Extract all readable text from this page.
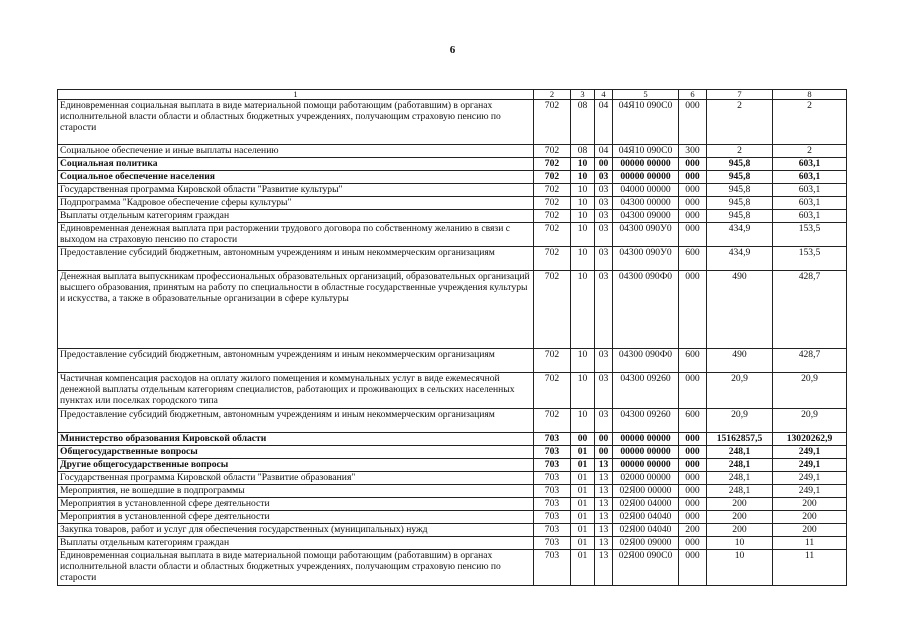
6
1	2	3	4	5	6	7	8
Единовременная социальная выплата в виде материальной помощи работающим (работавшим) в органах исполнительной власти области и областных бюджетных учреждениях, получающим страховую пенсию по старости	702	08	04	04Я10 090С0	000	2	2
Социальное обеспечение и иные выплаты населению	702	08	04	04Я10 090С0	300	2	2
Социальная политика	702	10	00	00000 00000	000	945,8	603,1
Социальное обеспечение населения	702	10	03	00000 00000	000	945,8	603,1
Государственная программа Кировской области "Развитие культуры"	702	10	03	04000 00000	000	945,8	603,1
Подпрограмма "Кадровое обеспечение сферы культуры"	702	10	03	04300 00000	000	945,8	603,1
Выплаты отдельным категориям граждан	702	10	03	04300 09000	000	945,8	603,1
Единовременная денежная выплата при расторжении трудового договора по собственному желанию в связи с выходом на страховую пенсию по старости	702	10	03	04300 090У0	000	434,9	153,5
Предоставление субсидий бюджетным, автономным учреждениям и иным некоммерческим организациям	702	10	03	04300 090У0	600	434,9	153,5
Денежная выплата выпускникам профессиональных образовательных организаций, образовательных организаций высшего образования, принятым на работу по специальности в областные государственные учреждения культуры и искусства, а также в образовательные организации в сфере культуры	702	10	03	04300 090Ф0	000	490	428,7
Предоставление субсидий бюджетным, автономным учреждениям и иным некоммерческим организациям	702	10	03	04300 090Ф0	600	490	428,7
Частичная компенсация расходов на оплату жилого помещения и коммунальных услуг в виде ежемесячной денежной выплаты отдельным категориям специалистов, работающих и проживающих в сельских населенных пунктах или поселках городского типа	702	10	03	04300 09260	000	20,9	20,9
Предоставление субсидий бюджетным, автономным учреждениям и иным некоммерческим организациям	702	10	03	04300 09260	600	20,9	20,9
Министерство образования Кировской области	703	00	00	00000 00000	000	15162857,5	13020262,9
Общегосударственные вопросы	703	01	00	00000 00000	000	248,1	249,1
Другие общегосударственные вопросы	703	01	13	00000 00000	000	248,1	249,1
Государственная программа Кировской области "Развитие образования"	703	01	13	02000 00000	000	248,1	249,1
Мероприятия, не вошедшие в подпрограммы	703	01	13	02Я00 00000	000	248,1	249,1
Мероприятия в установленной сфере деятельности	703	01	13	02Я00 04000	000	200	200
Мероприятия в установленной сфере деятельности	703	01	13	02Я00 04040	000	200	200
Закупка товаров, работ и услуг для обеспечения государственных (муниципальных) нужд	703	01	13	02Я00 04040	200	200	200
Выплаты отдельным категориям граждан	703	01	13	02Я00 09000	000	10	11
Единовременная социальная выплата в виде материальной помощи работающим (работавшим) в органах исполнительной власти области и областных бюджетных учреждениях, получающим страховую пенсию по старости	703	01	13	02Я00 090С0	000	10	11
